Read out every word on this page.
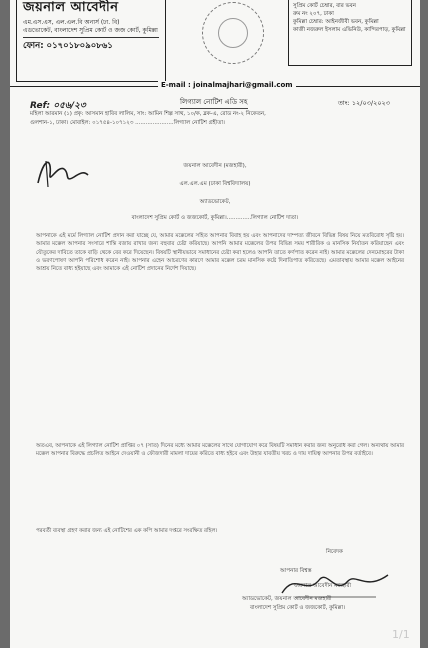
জয়নাল আবেদীন
এম.এস.এস, এল.এল.বি অনার্স (ঢা. বি)
এডভোকেট, বাংলাদেশ সুপ্রিম কোর্ট ও জজ কোর্ট, কুমিল্লা
ফোন: ০১৭০১৮০৯০৮৬১
সুপ্রিম কোর্ট চেম্বার, বার ভবন
রুম নং ২০৭, ঢাকা
কুমিল্লা চেম্বার: আইনজীবী ভবন, কুমিল্লা
কাজী নজরুল ইসলাম এভিনিউ, কান্দিরপাড়, কুমিল্লা
E-mail : joinalmajhari@gmail.com
Ref: ০৫৬/২৩	লিগ্যাল নোটিশ এডি সহ	তাং: ১২/০৩/২০২৩
মহিলা আরমান (১) প্রকৃ: আসমান হাবিব লালিম, সাং: আমিন শিল্প সাথ, ১০/ক, ব্লক-এ, রোড নং-২ নিকেতন,
গুলশান-১, ঢাকা। মোবাইল: ০১৭৫৪-১০৭১২৩ ......................লিগ্যাল নোটিশ গ্রহীতা।
জয়নাল আবেদীন (মজহারী),
এল.এল.এম (ঢাকা বিশ্ববিদ্যালয়)
অ্যাডভোকেট,
বাংলাদেশ সুপ্রিম কোর্ট ও জজকোর্ট, কুমিল্লা।..............লিগ্যাল নোটিশ দাতা।
আপনাকে এই মর্মে লিগ্যাল নোটিশ প্রদান করা যাচ্ছে যে, আমার মক্কেলের সহিত আপনার বিবাহ হয় এবং আপনাদের দাম্পত্য জীবনে বিভিন্ন বিষয় নিয়ে মতবিরোধ সৃষ্টি হয়। আমার মক্কেল আপনার সংসারে শান্তি বজায় রাখার জন্য বহুবার চেষ্টা করিয়াছে। আপনি আমার মক্কেলের উপর বিভিন্ন সময় শারীরিক ও মানসিক নির্যাতন করিয়াছেন এবং যৌতুকের দাবিতে তাকে বাড়ি থেকে বের করে দিয়েছেন। বিষয়টি স্থানীয়ভাবে সমাধানের চেষ্টা করা হলেও আপনি তাতে কর্ণপাত করেন নাই। আমার মক্কেলের দেনমোহরের টাকা ও ভরণপোষণ আপনি পরিশোধ করেন নাই। আপনার এহেন আচরণের কারণে আমার মক্কেল চরম মানসিক কষ্টে দিনাতিপাত করিতেছে। এমতাবস্থায় আমার মক্কেল আইনের আশ্রয় নিতে বাধ্য হইয়াছে এবং আমাকে এই নোটিশ প্রদানের নির্দেশ দিয়াছে।
অতএব, আপনাকে এই লিগ্যাল নোটিশ প্রাপ্তির ০৭ (সাত) দিনের মধ্যে আমার মক্কেলের সাথে যোগাযোগ করে বিষয়টি সমাধান করার জন্য অনুরোধ করা গেল। অন্যথায় আমার মক্কেল আপনার বিরুদ্ধে প্রচলিত আইনে দেওয়ানী ও ফৌজদারী মামলা দায়ের করিতে বাধ্য হইবে এবং উহার যাবতীয় খরচ ও দায় দায়িত্ব আপনার উপর বর্তাইবে।
পরবর্তী ব্যবস্থা গ্রহণ করার জন্য এই নোটিশের এক কপি আমার দপ্তরে সংরক্ষিত রহিল।
নিবেদক
আপনার বিশ্বস্ত
জয়নাল আবেদীন মজহারী
অ্যাডভোকেট, জয়নাল আবেদীন মজহারী
বাংলাদেশ সুপ্রিম কোর্ট ও জজকোর্ট, কুমিল্লা।
1/1
